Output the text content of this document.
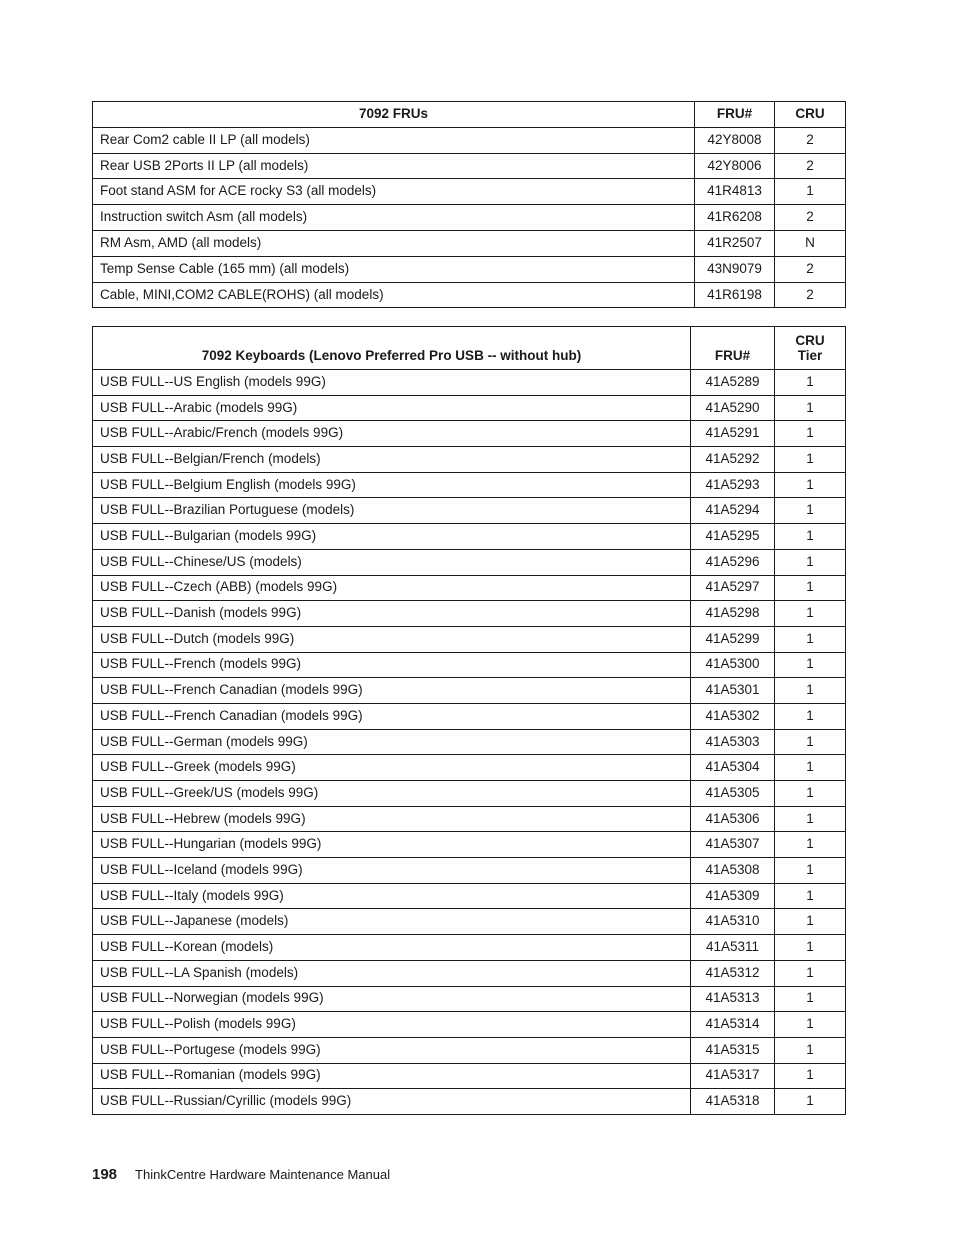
7092 FRUs	FRU#	CRU
Rear Com2 cable II LP (all models)	42Y8008	2
Rear USB 2Ports II LP (all models)	42Y8006	2
Foot stand ASM for ACE rocky S3 (all models)	41R4813	1
Instruction switch Asm (all models)	41R6208	2
RM Asm, AMD (all models)	41R2507	N
Temp Sense Cable (165 mm) (all models)	43N9079	2
Cable, MINI,COM2 CABLE(ROHS) (all models)	41R6198	2
7092 Keyboards (Lenovo Preferred Pro USB -- without hub)	FRU#	CRU Tier
USB FULL--US English (models 99G)	41A5289	1
USB FULL--Arabic (models 99G)	41A5290	1
USB FULL--Arabic/French (models 99G)	41A5291	1
USB FULL--Belgian/French (models)	41A5292	1
USB FULL--Belgium English (models 99G)	41A5293	1
USB FULL--Brazilian Portuguese (models)	41A5294	1
USB FULL--Bulgarian (models 99G)	41A5295	1
USB FULL--Chinese/US (models)	41A5296	1
USB FULL--Czech (ABB) (models 99G)	41A5297	1
USB FULL--Danish (models 99G)	41A5298	1
USB FULL--Dutch (models 99G)	41A5299	1
USB FULL--French (models 99G)	41A5300	1
USB FULL--French Canadian (models 99G)	41A5301	1
USB FULL--French Canadian (models 99G)	41A5302	1
USB FULL--German (models 99G)	41A5303	1
USB FULL--Greek (models 99G)	41A5304	1
USB FULL--Greek/US (models 99G)	41A5305	1
USB FULL--Hebrew (models 99G)	41A5306	1
USB FULL--Hungarian (models 99G)	41A5307	1
USB FULL--Iceland (models 99G)	41A5308	1
USB FULL--Italy (models 99G)	41A5309	1
USB FULL--Japanese (models)	41A5310	1
USB FULL--Korean (models)	41A5311	1
USB FULL--LA Spanish (models)	41A5312	1
USB FULL--Norwegian (models 99G)	41A5313	1
USB FULL--Polish (models 99G)	41A5314	1
USB FULL--Portugese (models 99G)	41A5315	1
USB FULL--Romanian (models 99G)	41A5317	1
USB FULL--Russian/Cyrillic (models 99G)	41A5318	1
198 ThinkCentre Hardware Maintenance Manual
